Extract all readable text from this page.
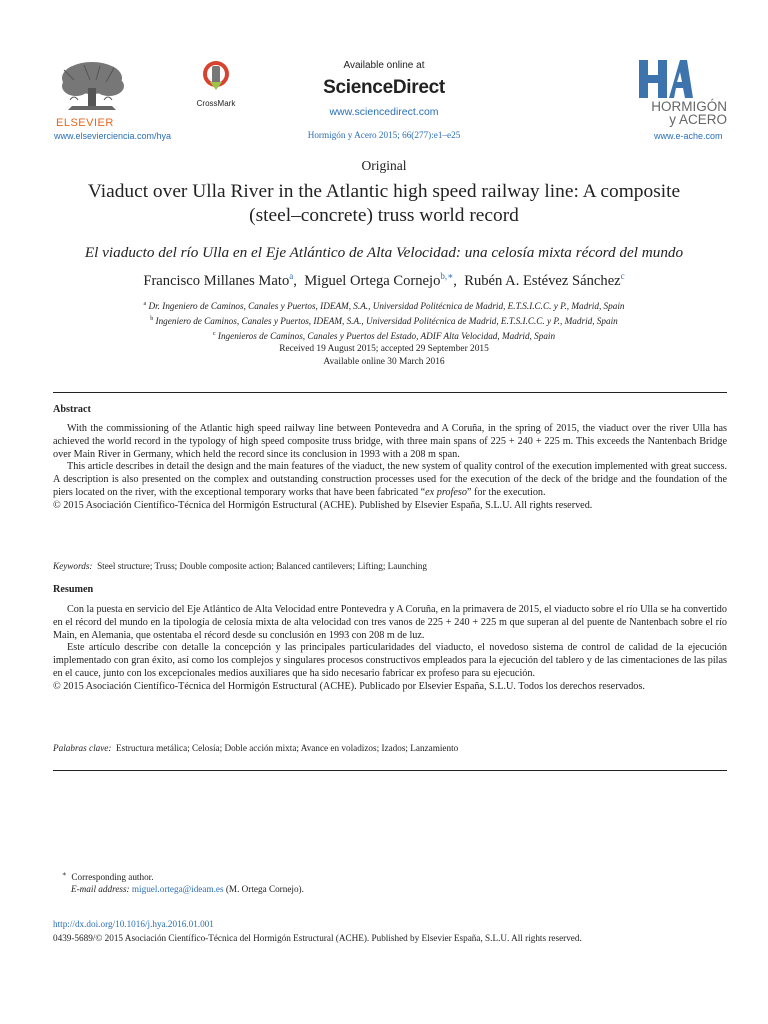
ELSEVIER
www.elsevierciencia.com/hya
CrossMark
Available online at
ScienceDirect
www.sciencedirect.com
Hormigón y Acero 2015; 66(277):e1–e25
HORMIGÓN
y ACERO
www.e-ache.com
Original
Viaduct over Ulla River in the Atlantic high speed railway line: A composite
(steel–concrete) truss world record
El viaducto del río Ulla en el Eje Atlántico de Alta Velocidad: una celosía mixta récord del mundo
Francisco Millanes Mato$^a$, Miguel Ortega Cornejo$^{b,∗}$, Rubén A. Estévez Sánchez$^c$
$^a$ Dr. Ingeniero de Caminos, Canales y Puertos, IDEAM, S.A., Universidad Politécnica de Madrid, E.T.S.I.C.C. y P., Madrid, Spain
$^b$ Ingeniero de Caminos, Canales y Puertos, IDEAM, S.A., Universidad Politécnica de Madrid, E.T.S.I.C.C. y P., Madrid, Spain
$^c$ Ingenieros de Caminos, Canales y Puertos del Estado, ADIF Alta Velocidad, Madrid, Spain
Received 19 August 2015; accepted 29 September 2015
Available online 30 March 2016
Abstract
With the commissioning of the Atlantic high speed railway line between Pontevedra and A Coruña, in the spring of 2015, the viaduct over the river Ulla has achieved the world record in the typology of high speed composite truss bridge, with three main spans of 225 + 240 + 225 m. This exceeds the Nantenbach Bridge over Main River in Germany, which held the record since its conclusion in 1993 with a 208 m span.
This article describes in detail the design and the main features of the viaduct, the new system of quality control of the execution implemented with great success. A description is also presented on the complex and outstanding construction processes used for the execution of the deck of the bridge and the foundation of the piers located on the river, with the exceptional temporary works that have been fabricated “ex profeso” for the execution.
© 2015 Asociación Científico-Técnica del Hormigón Estructural (ACHE). Published by Elsevier España, S.L.U. All rights reserved.
Keywords: Steel structure; Truss; Double composite action; Balanced cantilevers; Lifting; Launching
Resumen
Con la puesta en servicio del Eje Atlántico de Alta Velocidad entre Pontevedra y A Coruña, en la primavera de 2015, el viaducto sobre el río Ulla se ha convertido en el récord del mundo en la tipología de celosía mixta de alta velocidad con tres vanos de 225 + 240 + 225 m que superan al del puente de Nantenbach sobre el río Main, en Alemania, que ostentaba el récord desde su conclusión en 1993 con 208 m de luz.
Este artículo describe con detalle la concepción y las principales particularidades del viaducto, el novedoso sistema de control de calidad de la ejecución implementado con gran éxito, así como los complejos y singulares procesos constructivos empleados para la ejecución del tablero y de las cimentaciones de las pilas en el cauce, junto con los excepcionales medios auxiliares que ha sido necesario fabricar ex profeso para su ejecución.
© 2015 Asociación Científico-Técnica del Hormigón Estructural (ACHE). Publicado por Elsevier España, S.L.U. Todos los derechos reservados.
Palabras clave: Estructura metálica; Celosía; Doble acción mixta; Avance en voladizos; Izados; Lanzamiento
∗ Corresponding author.
E-mail address: miguel.ortega@ideam.es (M. Ortega Cornejo).
http://dx.doi.org/10.1016/j.hya.2016.01.001
0439-5689/© 2015 Asociación Científico-Técnica del Hormigón Estructural (ACHE). Published by Elsevier España, S.L.U. All rights reserved.
